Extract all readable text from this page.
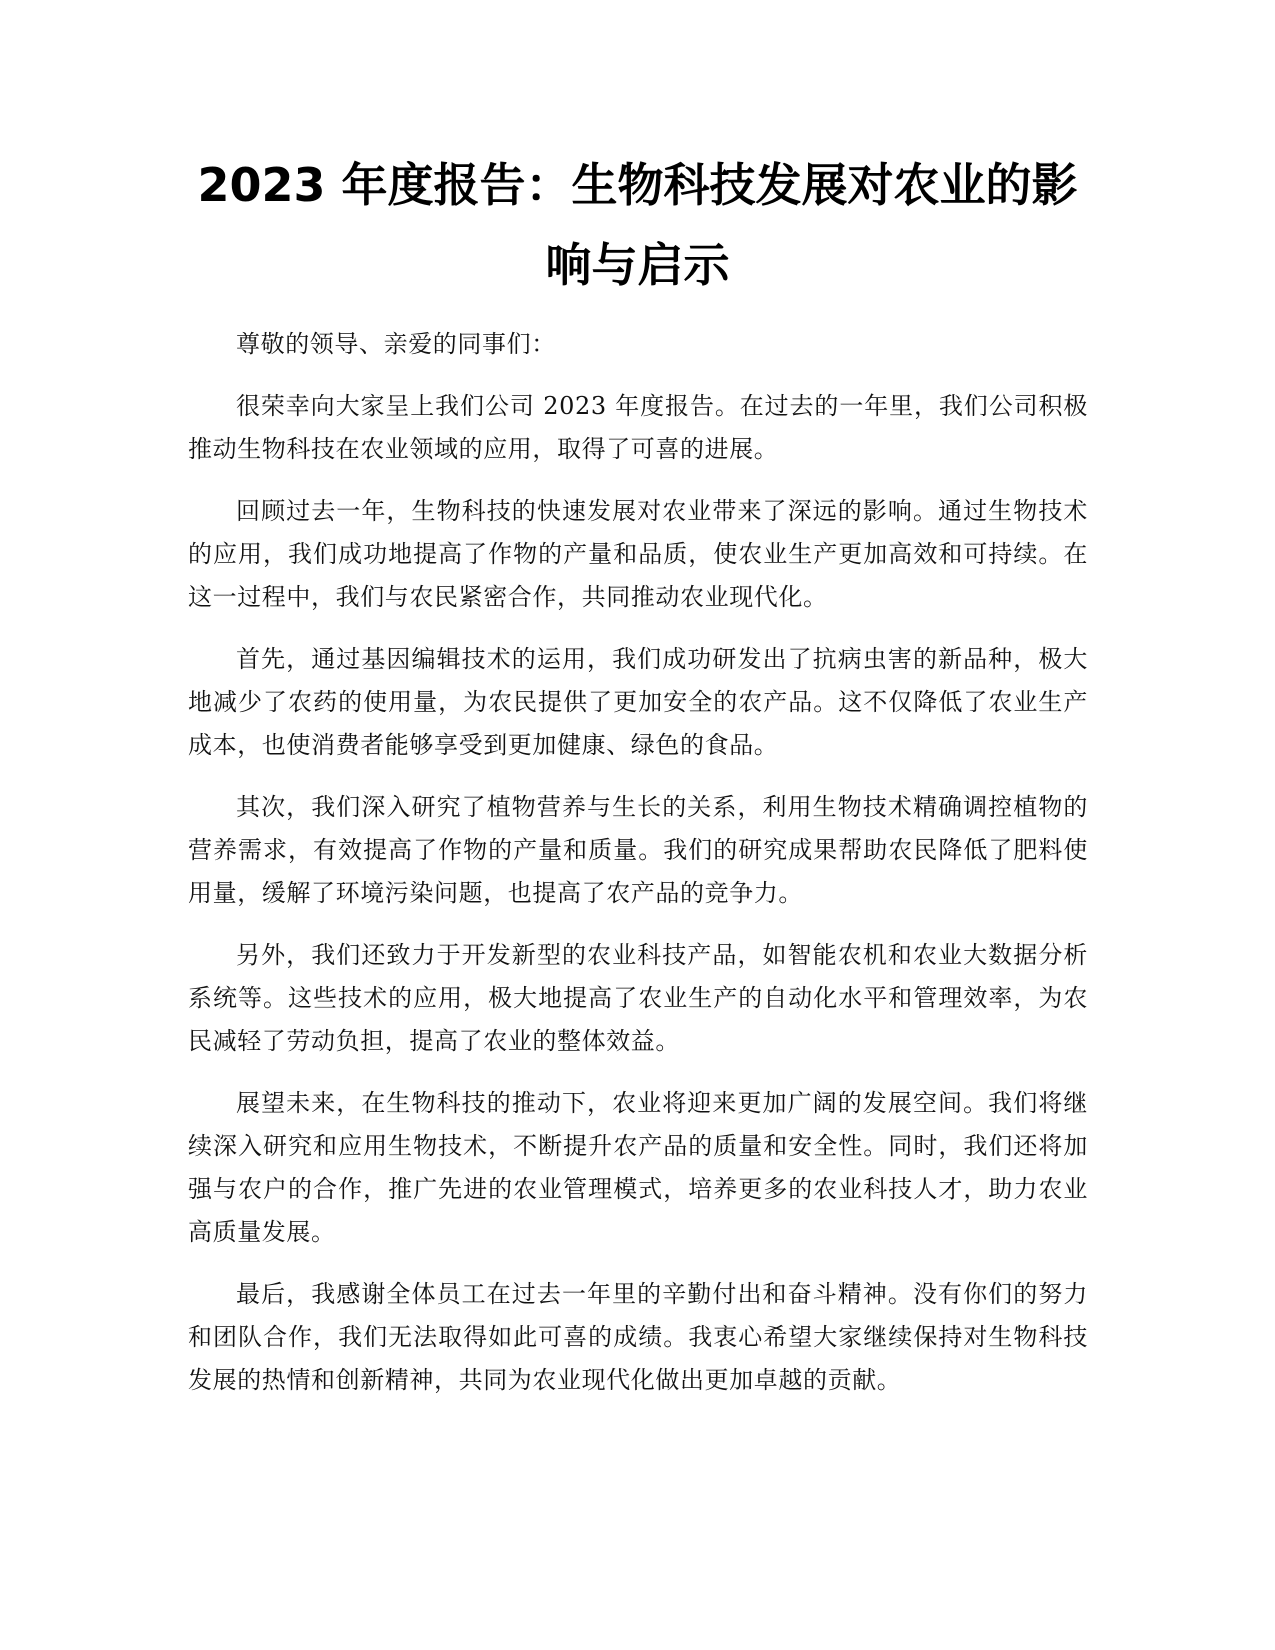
2023 年度报告：生物科技发展对农业的影响与启示

尊敬的领导、亲爱的同事们：

很荣幸向大家呈上我们公司 2023 年度报告。在过去的一年里，我们公司积极推动生物科技在农业领域的应用，取得了可喜的进展。

回顾过去一年，生物科技的快速发展对农业带来了深远的影响。通过生物技术的应用，我们成功地提高了作物的产量和品质，使农业生产更加高效和可持续。在这一过程中，我们与农民紧密合作，共同推动农业现代化。

首先，通过基因编辑技术的运用，我们成功研发出了抗病虫害的新品种，极大地减少了农药的使用量，为农民提供了更加安全的农产品。这不仅降低了农业生产成本，也使消费者能够享受到更加健康、绿色的食品。

其次，我们深入研究了植物营养与生长的关系，利用生物技术精确调控植物的营养需求，有效提高了作物的产量和质量。我们的研究成果帮助农民降低了肥料使用量，缓解了环境污染问题，也提高了农产品的竞争力。

另外，我们还致力于开发新型的农业科技产品，如智能农机和农业大数据分析系统等。这些技术的应用，极大地提高了农业生产的自动化水平和管理效率，为农民减轻了劳动负担，提高了农业的整体效益。

展望未来，在生物科技的推动下，农业将迎来更加广阔的发展空间。我们将继续深入研究和应用生物技术，不断提升农产品的质量和安全性。同时，我们还将加强与农户的合作，推广先进的农业管理模式，培养更多的农业科技人才，助力农业高质量发展。

最后，我感谢全体员工在过去一年里的辛勤付出和奋斗精神。没有你们的努力和团队合作，我们无法取得如此可喜的成绩。我衷心希望大家继续保持对生物科技发展的热情和创新精神，共同为农业现代化做出更加卓越的贡献。
